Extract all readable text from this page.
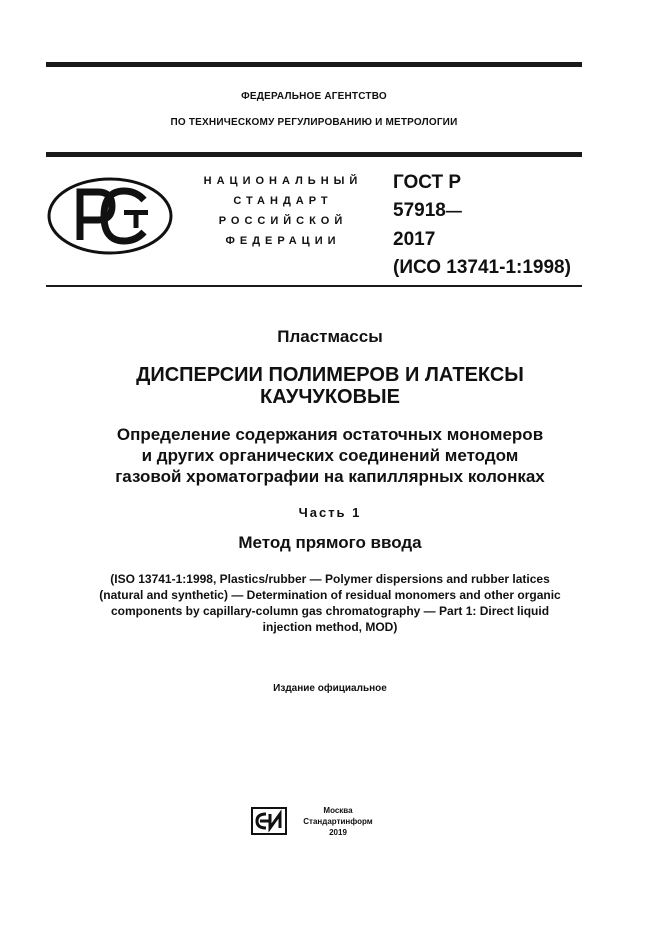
ФЕДЕРАЛЬНОЕ АГЕНТСТВО
ПО ТЕХНИЧЕСКОМУ РЕГУЛИРОВАНИЮ И МЕТРОЛОГИИ
НАЦИОНАЛЬНЫЙ
СТАНДАРТ
РОССИЙСКОЙ
ФЕДЕРАЦИИ
ГОСТ Р
57918—
2017
(ИСО 13741-1:1998)
Пластмассы
ДИСПЕРСИИ ПОЛИМЕРОВ И ЛАТЕКСЫ
КАУЧУКОВЫЕ
Определение содержания остаточных мономеров
и других органических соединений методом
газовой хроматографии на капиллярных колонках
Часть 1
Метод прямого ввода
(ISO 13741-1:1998, Plastics/rubber — Polymer dispersions and rubber latices
(natural and synthetic) — Determination of residual monomers and other organic
components by capillary-column gas chromatography — Part 1: Direct liquid
injection method, MOD)
Издание официальное
Москва
Стандартинформ
2019
